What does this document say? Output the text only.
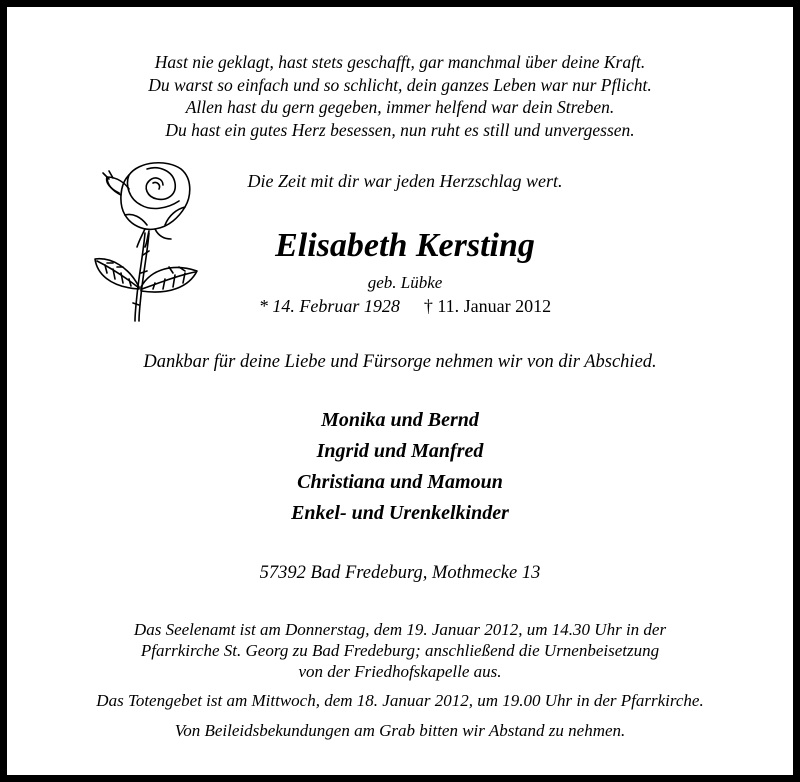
Hast nie geklagt, hast stets geschafft, gar manchmal über deine Kraft.
Du warst so einfach und so schlicht, dein ganzes Leben war nur Pflicht.
Allen hast du gern gegeben, immer helfend war dein Streben.
Du hast ein gutes Herz besessen, nun ruht es still und unvergessen.
Die Zeit mit dir war jeden Herzschlag wert.
Elisabeth Kersting
geb. Lübke
* 14. Februar 1928 † 11. Januar 2012
Dankbar für deine Liebe und Fürsorge nehmen wir von dir Abschied.
Monika und Bernd
Ingrid und Manfred
Christiana und Mamoun
Enkel- und Urenkelkinder
57392 Bad Fredeburg, Mothmecke 13
Das Seelenamt ist am Donnerstag, dem 19. Januar 2012, um 14.30 Uhr in der
Pfarrkirche St. Georg zu Bad Fredeburg; anschließend die Urnenbeisetzung
von der Friedhofskapelle aus.
Das Totengebet ist am Mittwoch, dem 18. Januar 2012, um 19.00 Uhr in der Pfarrkirche.
Von Beileidsbekundungen am Grab bitten wir Abstand zu nehmen.
